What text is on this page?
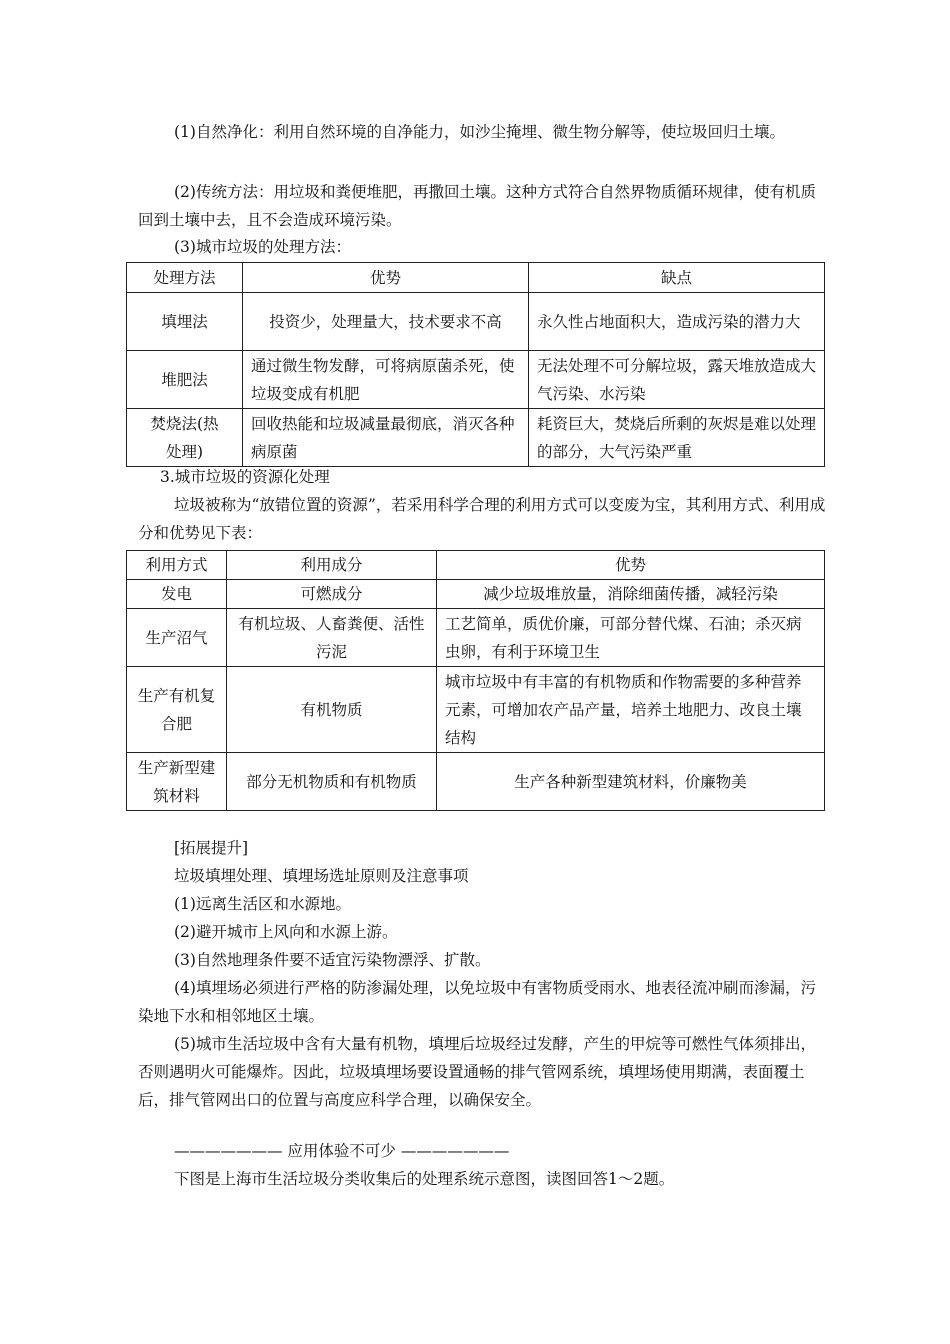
(1)自然净化：利用自然环境的自净能力，如沙尘掩埋、微生物分解等，使垃圾回归土壤。

(2)传统方法：用垃圾和粪便堆肥，再撒回土壤。这种方式符合自然界物质循环规律，使有机质回到土壤中去，且不会造成环境污染。

(3)城市垃圾的处理方法：
处理方法	优势	缺点
填埋法	投资少，处理量大，技术要求不高	永久性占地面积大，造成污染的潜力大
堆肥法	通过微生物发酵，可将病原菌杀死，使垃圾变成有机肥	无法处理不可分解垃圾，露天堆放造成大气污染、水污染
焚烧法(热处理)	回收热能和垃圾减量最彻底，消灭各种病原菌	耗资巨大，焚烧后所剩的灰烬是难以处理的部分，大气污染严重
3.城市垃圾的资源化处理

垃圾被称为“放错位置的资源”，若采用科学合理的利用方式可以变废为宝，其利用方式、利用成分和优势见下表：

利用方式	利用成分	优势
发电	可燃成分	减少垃圾堆放量，消除细菌传播，减轻污染
生产沼气	有机垃圾、人畜粪便、活性污泥	工艺简单，质优价廉，可部分替代煤、石油；杀灭病虫卵，有利于环境卫生
生产有机复合肥	有机物质	城市垃圾中有丰富的有机物质和作物需要的多种营养元素，可增加农产品产量，培养土地肥力、改良土壤结构
生产新型建筑材料	部分无机物质和有机物质	生产各种新型建筑材料，价廉物美
[拓展提升]
垃圾填埋处理、填埋场选址原则及注意事项
(1)远离生活区和水源地。
(2)避开城市上风向和水源上游。
(3)自然地理条件要不适宜污染物漂浮、扩散。

(4)填埋场必须进行严格的防渗漏处理，以免垃圾中有害物质受雨水、地表径流冲刷而渗漏，污染地下水和相邻地区土壤。

(5)城市生活垃圾中含有大量有机物，填埋后垃圾经过发酵，产生的甲烷等可燃性气体须排出，否则遇明火可能爆炸。因此，垃圾填埋场要设置通畅的排气管网系统，填埋场使用期满，表面覆土后，排气管网出口的位置与高度应科学合理，以确保安全。

——————— 应用体验不可少 ———————
下图是上海市生活垃圾分类收集后的处理系统示意图，读图回答1～2题。
